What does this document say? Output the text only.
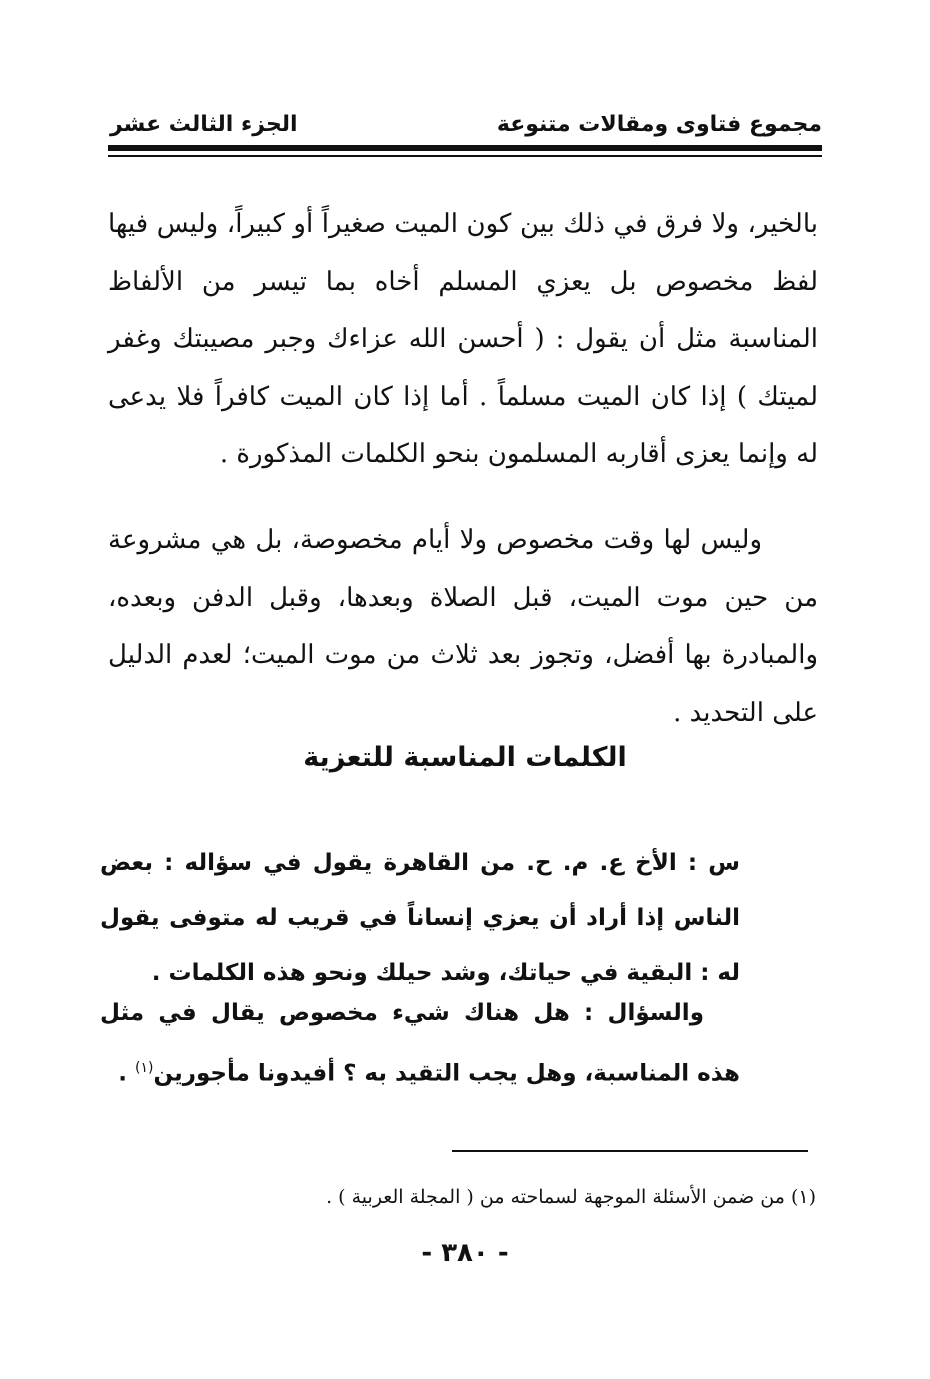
مجموع فتاوى ومقالات متنوعة
الجزء الثالث عشر
بالخير، ولا فرق في ذلك بين كون الميت صغيراً أو كبيراً، وليس فيها لفظ مخصوص بل يعزي المسلم أخاه بما تيسر من الألفاظ المناسبة مثل أن يقول : ( أحسن الله عزاءك وجبر مصيبتك وغفر لميتك ) إذا كان الميت مسلماً . أما إذا كان الميت كافراً فلا يدعى له وإنما يعزى أقاربه المسلمون بنحو الكلمات المذكورة .
وليس لها وقت مخصوص ولا أيام مخصوصة، بل هي مشروعة من حين موت الميت، قبل الصلاة وبعدها، وقبل الدفن وبعده، والمبادرة بها أفضل، وتجوز بعد ثلاث من موت الميت؛ لعدم الدليل على التحديد .
الكلمات المناسبة للتعزية
س : الأخ ع. م. ح. من القاهرة يقول في سؤاله : بعض الناس إذا أراد أن يعزي إنساناً في قريب له متوفى يقول له : البقية في حياتك، وشد حيلك ونحو هذه الكلمات .
والسؤال : هل هناك شيء مخصوص يقال في مثل هذه المناسبة، وهل يجب التقيد به ؟ أفيدونا مأجورين$^{(١)}$ .
(١) من ضمن الأسئلة الموجهة لسماحته من ( المجلة العربية ) .
- ٣٨٠ -
